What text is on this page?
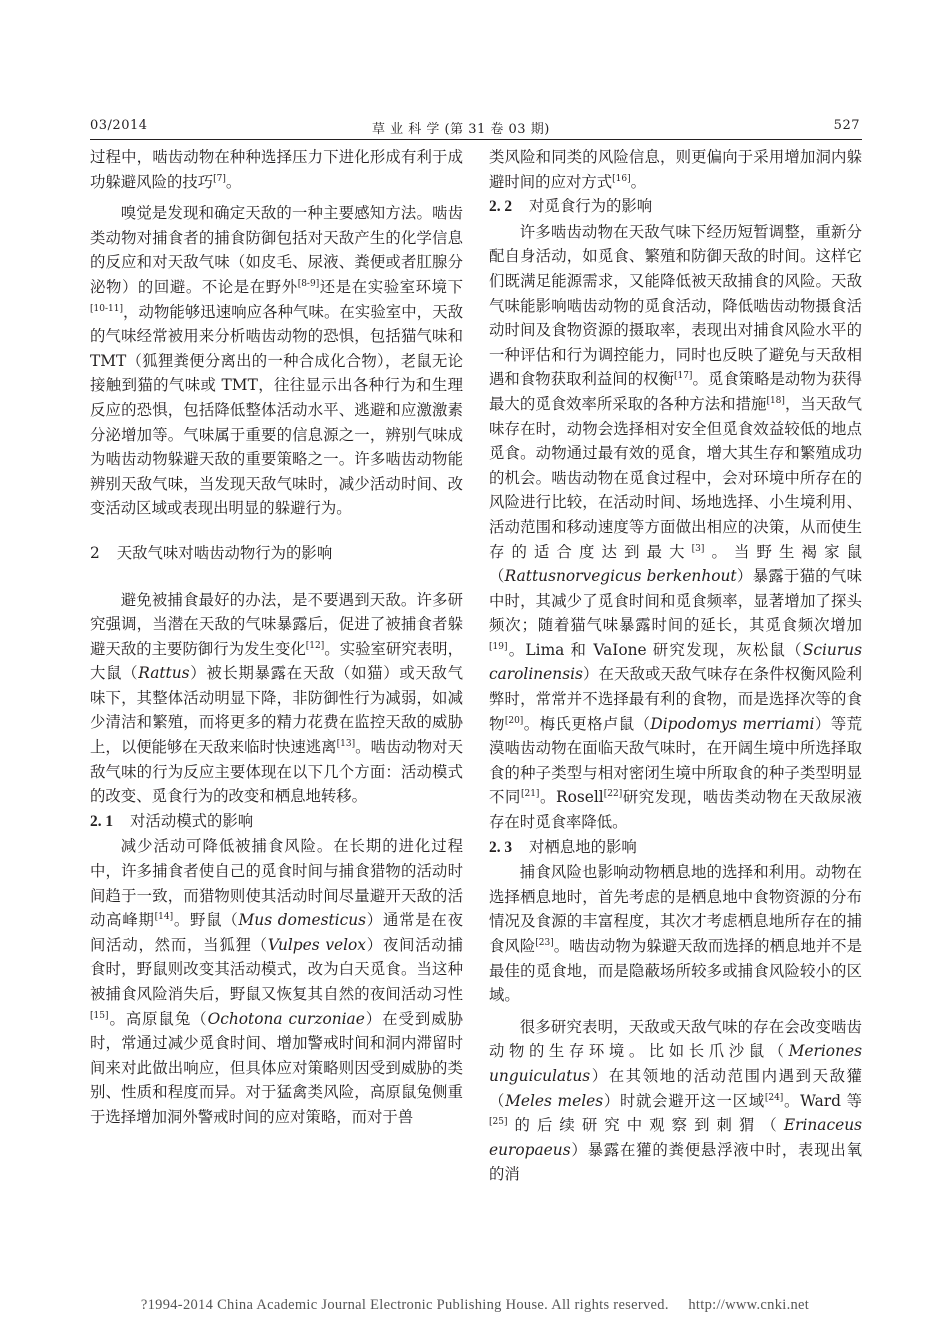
03/2014	草 业 科 学 (第 31 卷 03 期)	527

过程中，啮齿动物在种种选择压力下进化形成有利于成功躲避风险的技巧[7]。

嗅觉是发现和确定天敌的一种主要感知方法。啮齿类动物对捕食者的捕食防御包括对天敌产生的化学信息的反应和对天敌气味（如皮毛、尿液、粪便或者肛腺分泌物）的回避。不论是在野外[8-9]还是在实验室环境下[10-11]，动物能够迅速响应各种气味。在实验室中，天敌的气味经常被用来分析啮齿动物的恐惧，包括猫气味和 TMT（狐狸粪便分离出的一种合成化合物），老鼠无论接触到猫的气味或 TMT，往往显示出各种行为和生理反应的恐惧，包括降低整体活动水平、逃避和应激激素分泌增加等。气味属于重要的信息源之一，辨别气味成为啮齿动物躲避天敌的重要策略之一。许多啮齿动物能辨别天敌气味，当发现天敌气味时，减少活动时间、改变活动区域或表现出明显的躲避行为。

2 天敌气味对啮齿动物行为的影响

避免被捕食最好的办法，是不要遇到天敌。许多研究强调，当潜在天敌的气味暴露后，促进了被捕食者躲避天敌的主要防御行为发生变化[12]。实验室研究表明，大鼠（Rattus）被长期暴露在天敌（如猫）或天敌气味下，其整体活动明显下降，非防御性行为减弱，如减少清洁和繁殖，而将更多的精力花费在监控天敌的威胁上，以便能够在天敌来临时快速逃离[13]。啮齿动物对天敌气味的行为反应主要体现在以下几个方面：活动模式的改变、觅食行为的改变和栖息地转移。

2. 1 对活动模式的影响

减少活动可降低被捕食风险。在长期的进化过程中，许多捕食者使自己的觅食时间与捕食猎物的活动时间趋于一致，而猎物则使其活动时间尽量避开天敌的活动高峰期[14]。野鼠（Mus domesticus）通常是在夜间活动，然而，当狐狸（Vulpes velox）夜间活动捕食时，野鼠则改变其活动模式，改为白天觅食。当这种被捕食风险消失后，野鼠又恢复其自然的夜间活动习性[15]。高原鼠兔（Ochotona curzoniae）在受到威胁时，常通过减少觅食时间、增加警戒时间和洞内滞留时间来对此做出响应，但具体应对策略则因受到威胁的类别、性质和程度而异。对于猛禽类风险，高原鼠兔侧重于选择增加洞外警戒时间的应对策略，而对于兽

类风险和同类的风险信息，则更偏向于采用增加洞内躲避时间的应对方式[16]。

2. 2 对觅食行为的影响

许多啮齿动物在天敌气味下经历短暂调整，重新分配自身活动，如觅食、繁殖和防御天敌的时间。这样它们既满足能源需求，又能降低被天敌捕食的风险。天敌气味能影响啮齿动物的觅食活动，降低啮齿动物摄食活动时间及食物资源的摄取率，表现出对捕食风险水平的一种评估和行为调控能力，同时也反映了避免与天敌相遇和食物获取利益间的权衡[17]。觅食策略是动物为获得最大的觅食效率所采取的各种方法和措施[18]，当天敌气味存在时，动物会选择相对安全但觅食效益较低的地点觅食。动物通过最有效的觅食，增大其生存和繁殖成功的机会。啮齿动物在觅食过程中，会对环境中所存在的风险进行比较，在活动时间、场地选择、小生境利用、活动范围和移动速度等方面做出相应的决策，从而使生存的适合度达到最大[3]。当野生褐家鼠（Rattusnorvegicus berkenhout）暴露于猫的气味中时，其减少了觅食时间和觅食频率，显著增加了探头频次；随着猫气味暴露时间的延长，其觅食频次增加[19]。Lima 和 VaIone 研究发现，灰松鼠（Sciurus carolinensis）在天敌或天敌气味存在条件权衡风险利弊时，常常并不选择最有利的食物，而是选择次等的食物[20]。梅氏更格卢鼠（Dipodomys merriami）等荒漠啮齿动物在面临天敌气味时，在开阔生境中所选择取食的种子类型与相对密闭生境中所取食的种子类型明显不同[21]。Rosell[22]研究发现，啮齿类动物在天敌尿液存在时觅食率降低。

2. 3 对栖息地的影响

捕食风险也影响动物栖息地的选择和利用。动物在选择栖息地时，首先考虑的是栖息地中食物资源的分布情况及食源的丰富程度，其次才考虑栖息地所存在的捕食风险[23]。啮齿动物为躲避天敌而选择的栖息地并不是最佳的觅食地，而是隐蔽场所较多或捕食风险较小的区域。

很多研究表明，天敌或天敌气味的存在会改变啮齿动物的生存环境。比如长爪沙鼠（Meriones unguiculatus）在其领地的活动范围内遇到天敌獾（Meles meles）时就会避开这一区域[24]。Ward 等[25]的后续研究中观察到刺猬（Erinaceus europaeus）暴露在獾的粪便悬浮液中时，表现出氧的消

?1994-2014 China Academic Journal Electronic Publishing House. All rights reserved.     http://www.cnki.net
